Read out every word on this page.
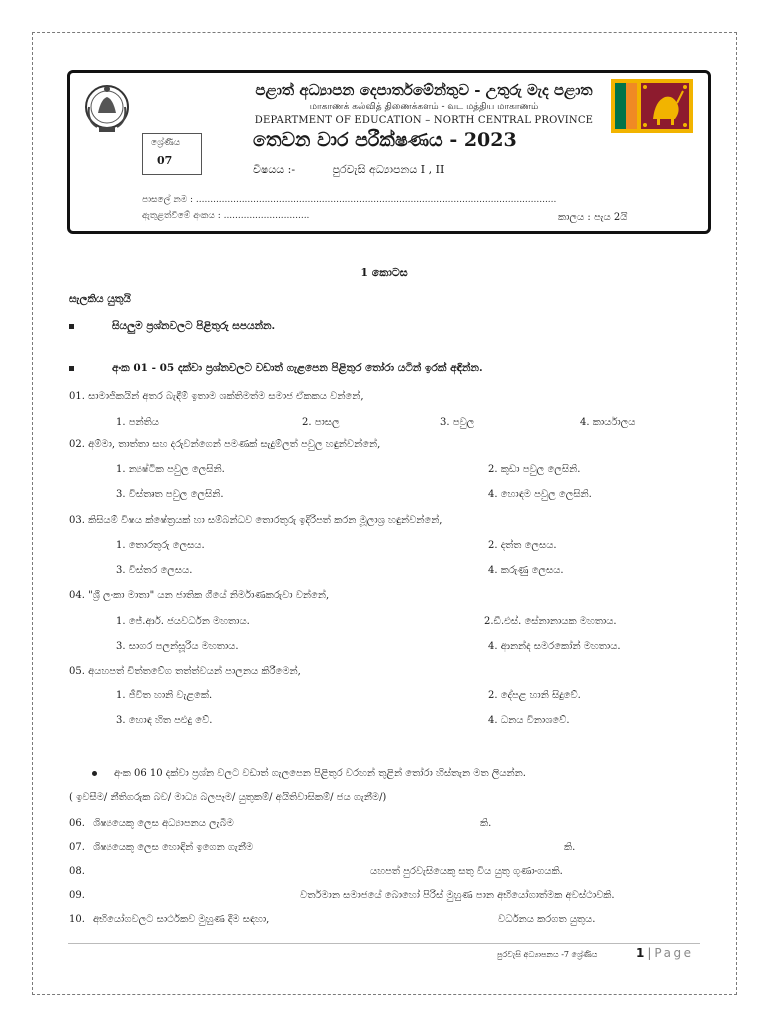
පළාත් අධ්‍යාපන දෙපාර්තමේන්තුව - උතුරු මැද පළාත
மாகாணக் கல்வித் திணைக்களம் - வட மத்திய மாகாணம்
DEPARTMENT OF EDUCATION – NORTH CENTRAL PROVINCE
ශ්‍රේණිය
07
තෙවන වාර පරීක්ෂණය - 2023
විෂයය :-	පුරවැසි අධ්‍යාපනය I , II
පාසලේ නම : ..............................................................................................................................
ඇතුළත්වීමේ අංකය : ..............................	කාලය : පැය 2යි
1 කොටස
සැලකිය යුතුයි
සියලුම ප්‍රශ්නවලට පිළිතුරු සපයන්න.
අංක 01 - 05 දක්වා ප්‍රශ්නවලට වඩාත් ගැළපෙන පිළිතුර තෝරා යටින් ඉරක් අඳින්න.
01. සාමාජිකයින් අතර බැඳීම් ඉතාම ශක්තිමත්ම සමාජ ඒකකය වන්නේ,
1. පන්තිය	2. පාසල	3. පවුල	4. කාර්යාලය
02. අම්මා, තාත්තා සහ දරුවන්ගෙන් පමණක් සැදුම්ලත් පවුල හඳුන්වන්නේ,
1. න්‍යෂ්ටික පවුල ලෙසිනි.	2. කුඩා පවුල ලෙසිනි.
3. විස්තෘත පවුල ලෙසිනි.	4. හොඳම පවුල ලෙසිනි.
03. කිසියම් විෂය ක්ෂේත්‍රයක් හා සම්බන්ධව තොරතුරු ඉදිරිපත් කරන මූලාශ්‍ර හඳුන්වන්නේ,
1. තොරතුරු ලෙසය.	2. දත්ත ලෙසය.
3. විස්තර ලෙසය.	4. කරුණු ලෙසය.
04. "ශ්‍රී ලංකා මාතා" යන ජාතික ගීයේ නිර්මාණකරුවා වන්නේ,
1. ජේ.ආර්. ජයවර්ධන මහතාය.	2.ඩී.එස්. සේනානායක මහතාය.
3. සාගර පලන්සූරිය මහතාය.	4. ආනන්ද සමරකෝන් මහතාය.
05. අයහපත් චිත්තවේග තත්ත්වයන් පාලනය කිරීමෙන්,
1. ජීවිත හානි වැළකේ.	2. දේපළ හානි සිදුවේ.
3. හොඳ හිත පළුදු වේ.	4. ධනය විනාශවේ.
අංක 06 10 දක්වා ප්‍රශ්න වලට වඩාත් ගැලපෙන පිළිතුර වරහන් තුළින් තෝරා හිස්තැන මත ලියන්න.
( ඉවසීම/ නීතිගරුක බව/ මාධ්‍ය බලපෑම/ යුතුකම්/ අයිතිවාසිකම්/ ජය ගැනීම/)
06. ශිෂ්‍යයෙකු ලෙස අධ්‍යාපනය ලැබීම	කි.
07. ශිෂ්‍යයෙකු ලෙස හොඳින් ඉගෙන ගැනීම	කි.
08.	යහපත් පුරවැසියෙකු සතු විය යුතු ගුණාංගයකි.
09.	වර්තමාන සමාජයේ බොහෝ පිරිස් මුහුණ පාන අභියෝගාත්මක අවස්ථාවකි.
10. අභියෝගවලට සාර්ථකව මුහුණ දීම සඳහා,	වර්ධනය කරගත යුතුය.
පුරවැසි අධ්‍යාපනය -7 ශ්‍රේණිය	1 | Page
